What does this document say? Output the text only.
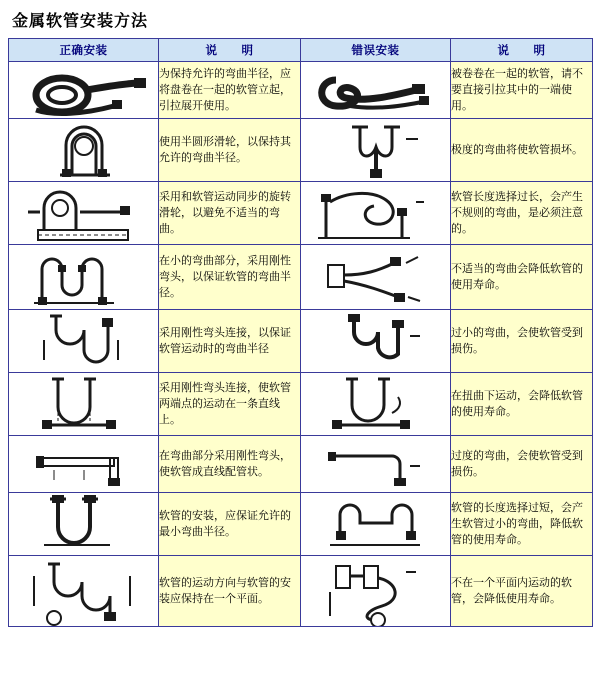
金属软管安装方法
正确安装	说　　明	错误安装	说　　明

	为保持允许的弯曲半径，应将盘卷在一起的软管立起，引拉展开使用。		被卷卷在一起的软管，请不要直接引拉其中的一端使用。

	使用半圆形滑轮，以保持其允许的弯曲半径。		极度的弯曲将使软管损坏。

	采用和软管运动同步的旋转滑轮，以避免不适当的弯曲。		软管长度选择过长，会产生不规则的弯曲，是必须注意的。

	在小的弯曲部分，采用刚性弯头，以保证软管的弯曲半径。		不适当的弯曲会降低软管的使用寿命。

	采用刚性弯头连接，以保证软管运动时的弯曲半径		过小的弯曲，会使软管受到损伤。

	采用刚性弯头连接，使软管两端点的运动在一条直线上。		在扭曲下运动，会降低软管的使用寿命。

	在弯曲部分采用刚性弯头，使软管成直线配管状。		过度的弯曲，会使软管受到损伤。

	软管的安装，应保证允许的最小弯曲半径。		软管的长度选择过短，会产生软管过小的弯曲，降低软管的使用寿命。

	软管的运动方向与软管的安装应保持在一个平面。		不在一个平面内运动的软管，会降低使用寿命。
